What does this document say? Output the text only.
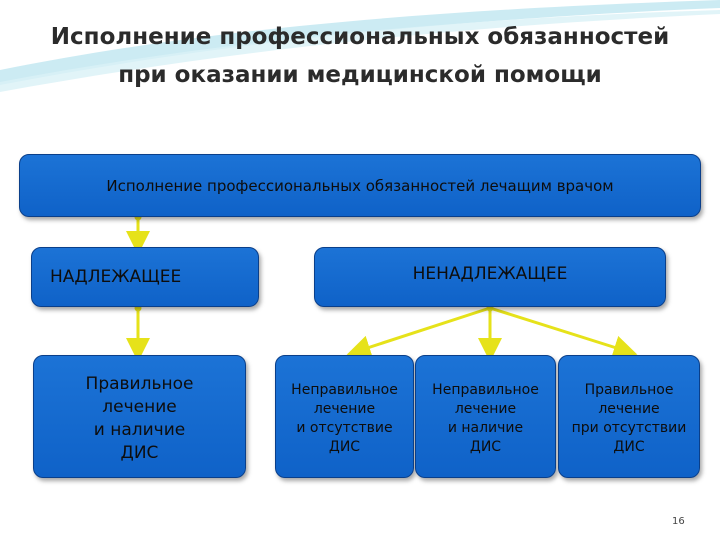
Исполнение профессиональных обязанностей
при оказании медицинской помощи
Исполнение профессиональных обязанностей лечащим врачом
НАДЛЕЖАЩЕЕ	НЕНАДЛЕЖАЩЕЕ
Правильное
лечение
и наличие
ДИС
Неправильное
лечение
и отсутствие
ДИС
Неправильное
лечение
и наличие
ДИС
Правильное
лечение
при отсутствии
ДИС
16
